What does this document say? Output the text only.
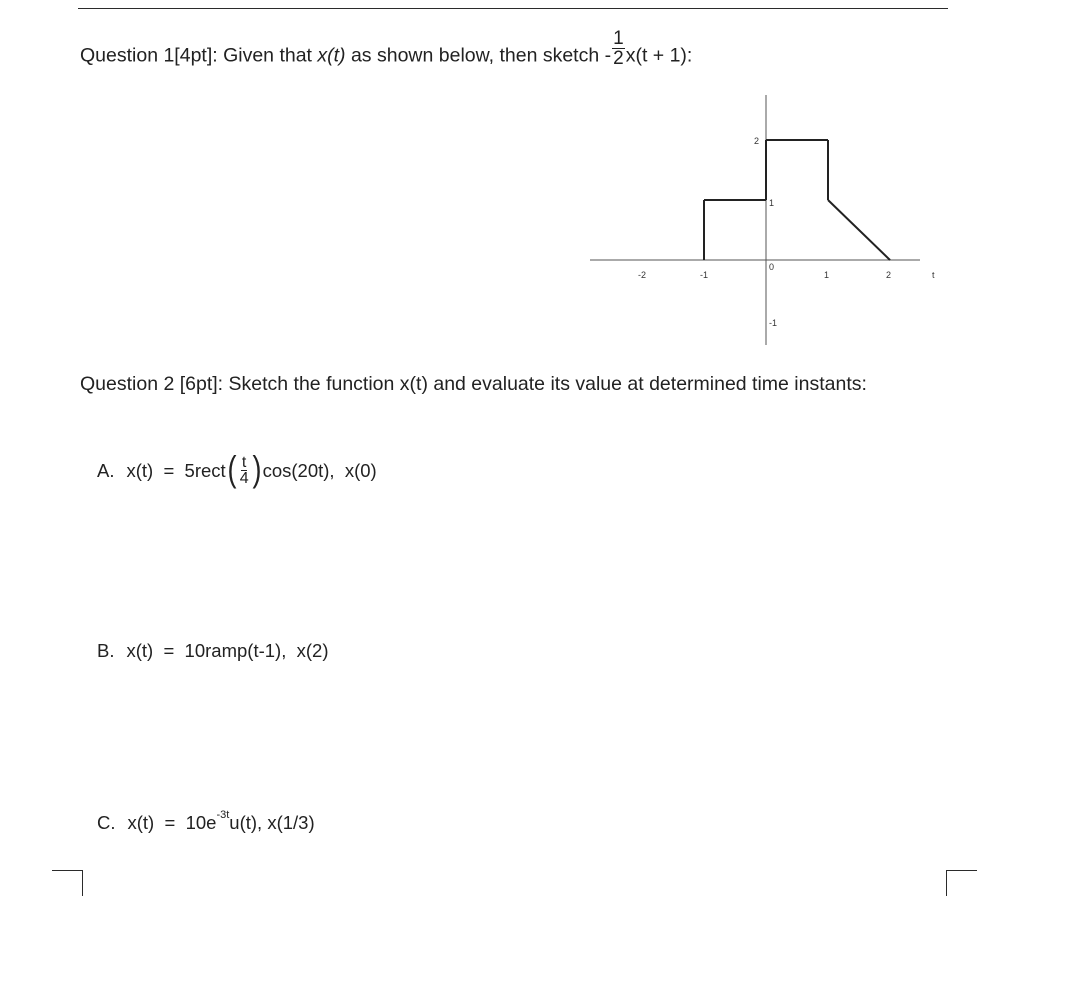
Question 1[4pt]: Given that x(t) as shown below, then sketch - $\frac{1}{2} x(t + 1)$:
-2	-1
0
1	2	t
2
1
-1
Question 2 [6pt]: Sketch the function x(t) and evaluate its value at determined time instants:
A. x(t)  =  5rect( $\frac{t}{4} )\cos(20t)$,  x(0)
B. x(t)  =  10ramp(t-1),  x(2)
C. $x(t) = 10e^{-3t}u(t)$, x(1/3)
